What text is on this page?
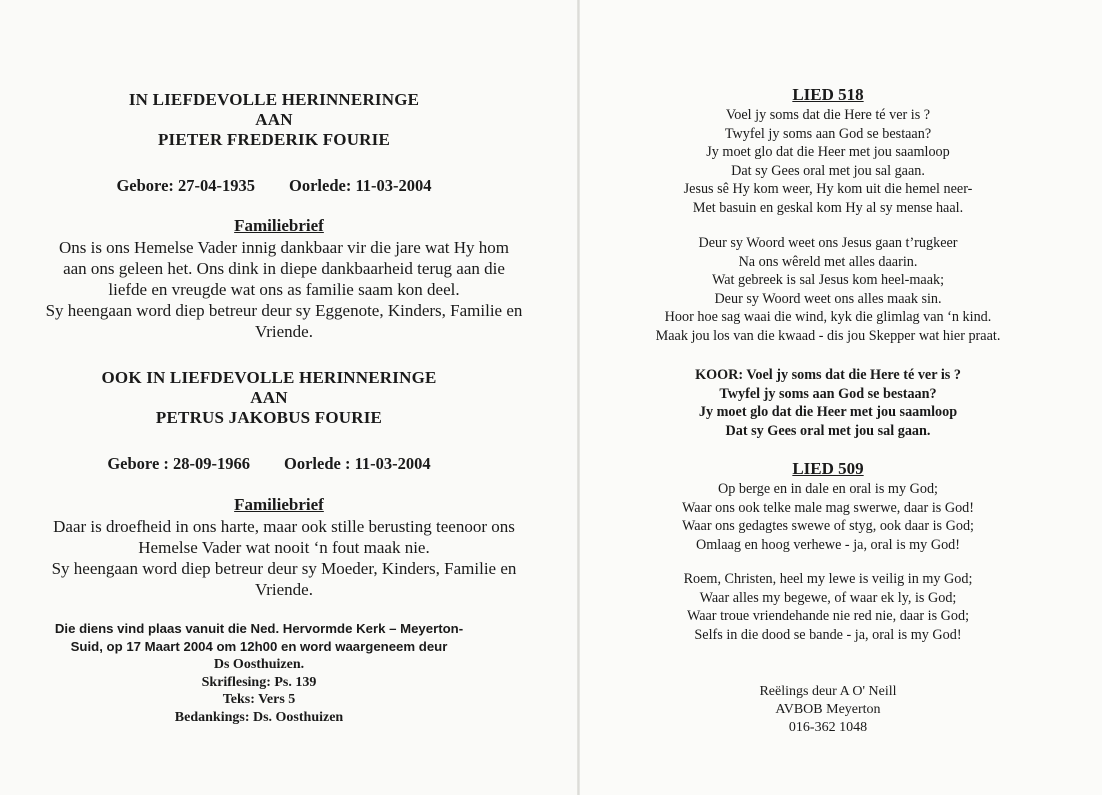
IN LIEFDEVOLLE HERINNERINGE
AAN
PIETER FREDERIK FOURIE
Gebore: 27-04-1935 Oorlede: 11-03-2004
Familiebrief
Ons is ons Hemelse Vader innig dankbaar vir die jare wat Hy hom
aan ons geleen het. Ons dink in diepe dankbaarheid terug aan die
liefde en vreugde wat ons as familie saam kon deel.
Sy heengaan word diep betreur deur sy Eggenote, Kinders, Familie en
Vriende.
OOK IN LIEFDEVOLLE HERINNERINGE
AAN
PETRUS JAKOBUS FOURIE
Gebore : 28-09-1966 Oorlede : 11-03-2004
Familiebrief
Daar is droefheid in ons harte, maar ook stille berusting teenoor ons
Hemelse Vader wat nooit ‘n fout maak nie.
Sy heengaan word diep betreur deur sy Moeder, Kinders, Familie en
Vriende.
Die diens vind plaas vanuit die Ned. Hervormde Kerk – Meyerton-
Suid, op 17 Maart 2004 om 12h00 en word waargeneem deur
Ds Oosthuizen.
Skriflesing: Ps. 139
Teks: Vers 5
Bedankings: Ds. Oosthuizen
LIED 518
Voel jy soms dat die Here té ver is ?
Twyfel jy soms aan God se bestaan?
Jy moet glo dat die Heer met jou saamloop
Dat sy Gees oral met jou sal gaan.
Jesus sê Hy kom weer, Hy kom uit die hemel neer-
Met basuin en geskal kom Hy al sy mense haal.
Deur sy Woord weet ons Jesus gaan t’rugkeer
Na ons wêreld met alles daarin.
Wat gebreek is sal Jesus kom heel-maak;
Deur sy Woord weet ons alles maak sin.
Hoor hoe sag waai die wind, kyk die glimlag van ‘n kind.
Maak jou los van die kwaad - dis jou Skepper wat hier praat.
KOOR: Voel jy soms dat die Here té ver is ?
Twyfel jy soms aan God se bestaan?
Jy moet glo dat die Heer met jou saamloop
Dat sy Gees oral met jou sal gaan.
LIED 509
Op berge en in dale en oral is my God;
Waar ons ook telke male mag swerwe, daar is God!
Waar ons gedagtes swewe of styg, ook daar is God;
Omlaag en hoog verhewe - ja, oral is my God!
Roem, Christen, heel my lewe is veilig in my God;
Waar alles my begewe, of waar ek ly, is God;
Waar troue vriendehande nie red nie, daar is God;
Selfs in die dood se bande - ja, oral is my God!
Reëlings deur A O' Neill
AVBOB Meyerton
016-362 1048
